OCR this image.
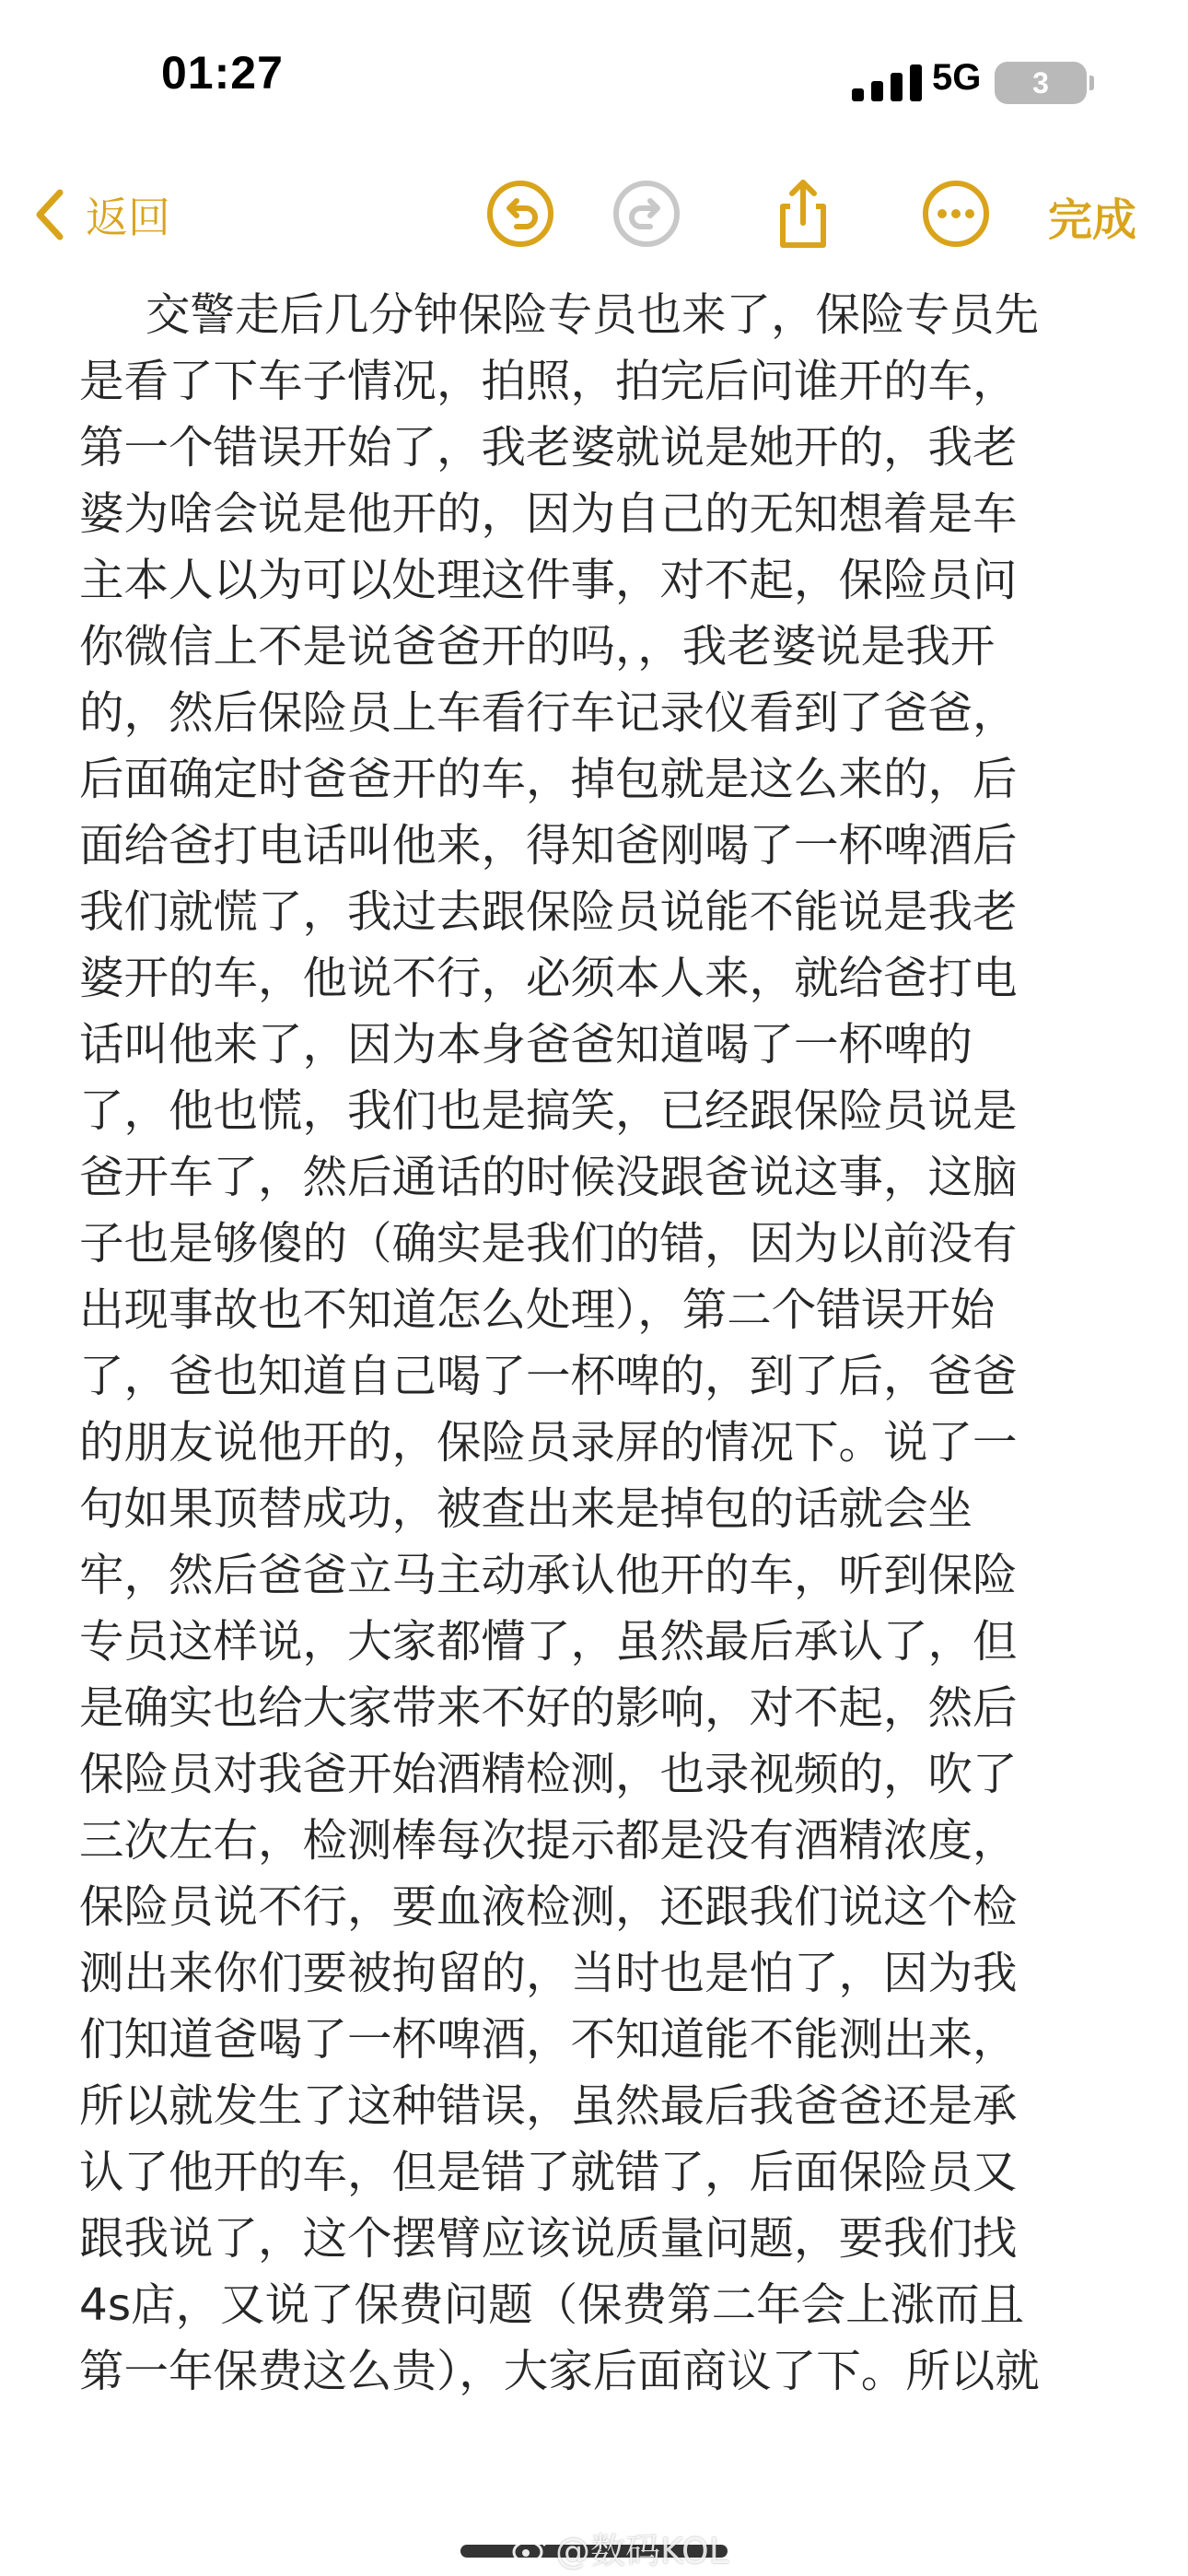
01:27	5G	3
返回	完成
交警走后几分钟保险专员也来了，保险专员先
是看了下车子情况，拍照，拍完后问谁开的车，
第一个错误开始了，我老婆就说是她开的，我老
婆为啥会说是他开的，因为自己的无知想着是车
主本人以为可以处理这件事，对不起，保险员问
你微信上不是说爸爸开的吗，，我老婆说是我开
的，然后保险员上车看行车记录仪看到了爸爸，
后面确定时爸爸开的车，掉包就是这么来的，后
面给爸打电话叫他来，得知爸刚喝了一杯啤酒后
我们就慌了，我过去跟保险员说能不能说是我老
婆开的车，他说不行，必须本人来，就给爸打电
话叫他来了，因为本身爸爸知道喝了一杯啤的
了，他也慌，我们也是搞笑，已经跟保险员说是
爸开车了，然后通话的时候没跟爸说这事，这脑
子也是够傻的（确实是我们的错，因为以前没有
出现事故也不知道怎么处理），第二个错误开始
了，爸也知道自己喝了一杯啤的，到了后，爸爸
的朋友说他开的，保险员录屏的情况下。说了一
句如果顶替成功，被查出来是掉包的话就会坐
牢，然后爸爸立马主动承认他开的车，听到保险
专员这样说，大家都懵了，虽然最后承认了，但
是确实也给大家带来不好的影响，对不起，然后
保险员对我爸开始酒精检测，也录视频的，吹了
三次左右，检测棒每次提示都是没有酒精浓度，
保险员说不行，要血液检测，还跟我们说这个检
测出来你们要被拘留的，当时也是怕了，因为我
们知道爸喝了一杯啤酒，不知道能不能测出来，
所以就发生了这种错误，虽然最后我爸爸还是承
认了他开的车，但是错了就错了，后面保险员又
跟我说了，这个摆臂应该说质量问题，要我们找
4s店，又说了保费问题（保费第二年会上涨而且
第一年保费这么贵），大家后面商议了下。所以就
@数码KOL
